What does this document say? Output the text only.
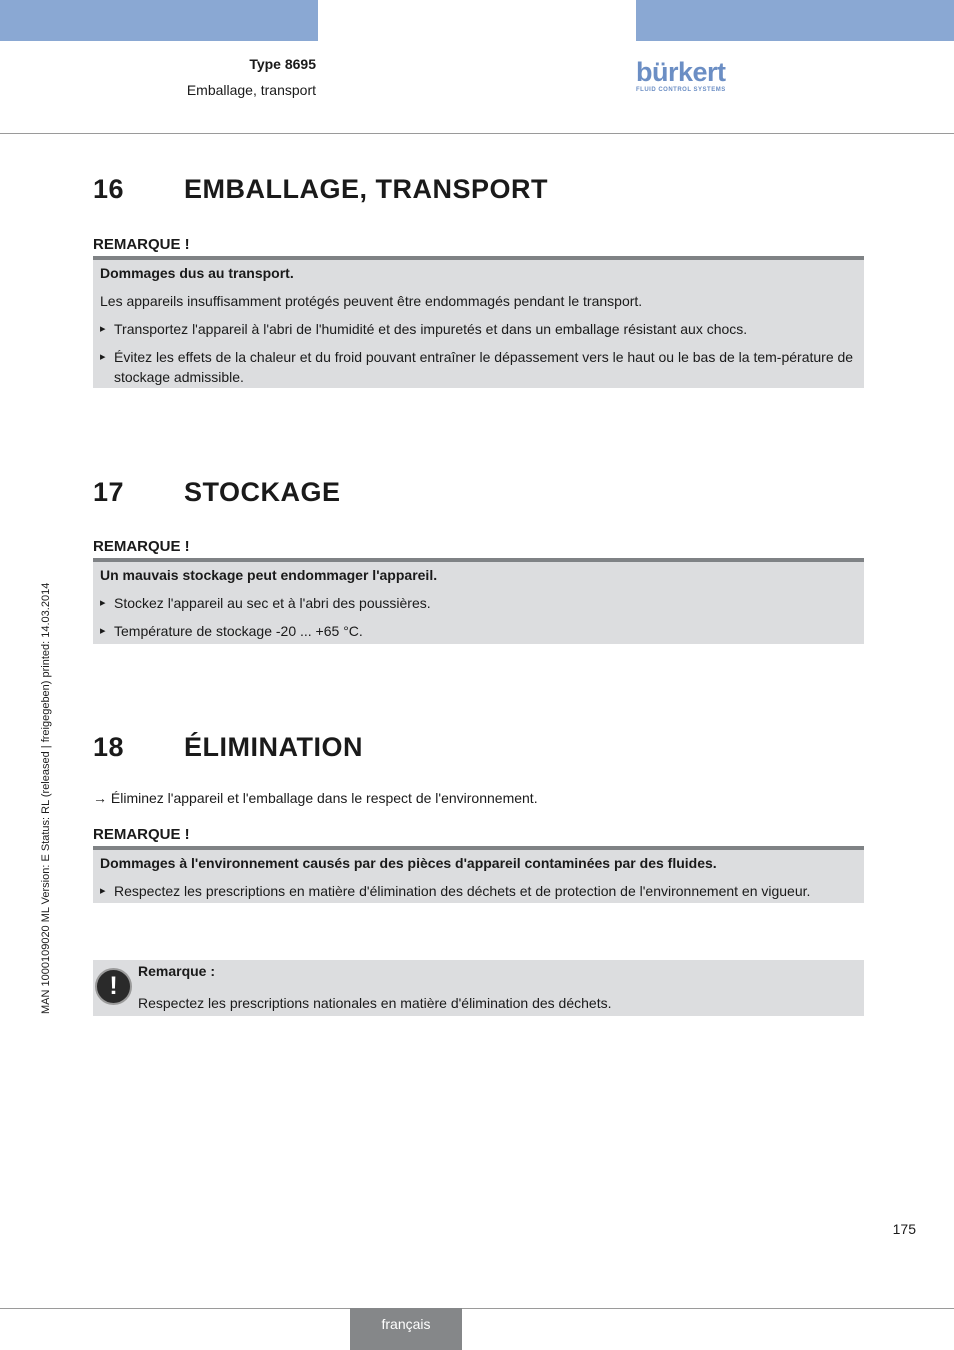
Type 8695
Emballage, transport
bürkert
FLUID CONTROL SYSTEMS
16 EMBALLAGE, TRANSPORT
REMARQUE !

Dommages dus au transport.

Les appareils insuffisamment protégés peuvent être endommagés pendant le transport.

▸ Transportez l'appareil à l'abri de l'humidité et des impuretés et dans un emballage résistant aux chocs.
▸ Évitez les effets de la chaleur et du froid pouvant entraîner le dépassement vers le haut ou le bas de la tem-pérature de stockage admissible.
17 STOCKAGE
REMARQUE !

Un mauvais stockage peut endommager l'appareil.

▸ Stockez l'appareil au sec et à l'abri des poussières.
▸ Température de stockage -20 ... +65 °C.
18 ÉLIMINATION
→ Éliminez l'appareil et l'emballage dans le respect de l'environnement.
REMARQUE !

Dommages à l'environnement causés par des pièces d'appareil contaminées par des fluides.

▸ Respectez les prescriptions en matière d'élimination des déchets et de protection de l'environnement en vigueur.
!
Remarque :
Respectez les prescriptions nationales en matière d'élimination des déchets.
MAN 1000109020 ML Version: E Status: RL (released | freigegeben) printed: 14.03.2014
175
français
